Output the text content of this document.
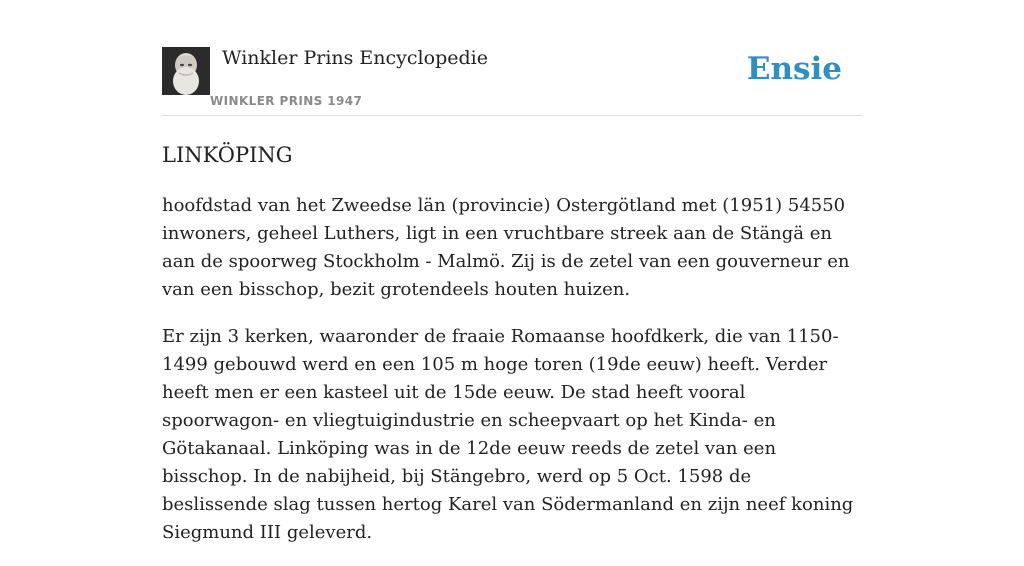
Winkler Prins Encyclopedie
WINKLER PRINS 1947
Ensie
LINKÖPING

hoofdstad van het Zweedse län (provincie) Ostergötland met (1951) 54550 inwoners, geheel Luthers, ligt in een vruchtbare streek aan de Stängä en aan de spoorweg Stockholm - Malmö. Zij is de zetel van een gouverneur en van een bisschop, bezit grotendeels houten huizen.

Er zijn 3 kerken, waaronder de fraaie Romaanse hoofdkerk, die van 1150-1499 gebouwd werd en een 105 m hoge toren (19de eeuw) heeft. Verder heeft men er een kasteel uit de 15de eeuw. De stad heeft vooral spoorwagon- en vliegtuigindustrie en scheepvaart op het Kinda- en Götakanaal. Linköping was in de 12de eeuw reeds de zetel van een bisschop. In de nabijheid, bij Stängebro, werd op 5 Oct. 1598 de beslissende slag tussen hertog Karel van Södermanland en zijn neef koning Siegmund III geleverd.
